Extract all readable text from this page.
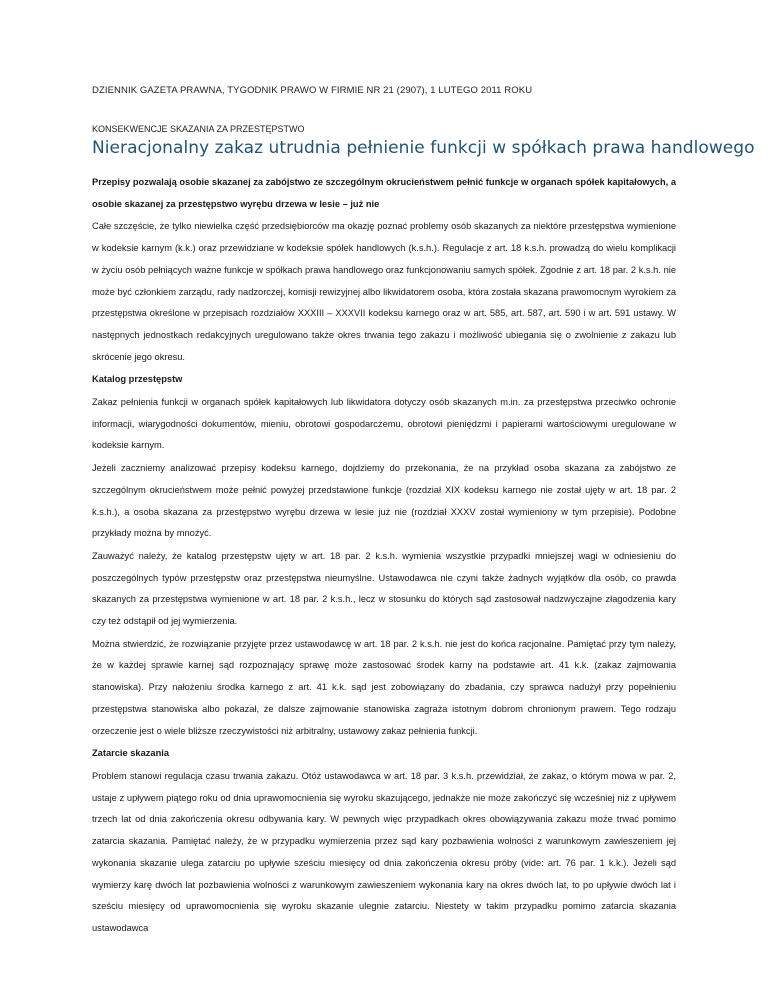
DZIENNIK GAZETA PRAWNA, TYGODNIK PRAWO W FIRMIE NR 21 (2907), 1 LUTEGO 2011 ROKU
KONSEKWENCJE SKAZANIA ZA PRZESTĘPSTWO
Nieracjonalny zakaz utrudnia pełnienie funkcji w spółkach prawa handlowego

Przepisy pozwalają osobie skazanej za zabójstwo ze szczególnym okrucieństwem pełnić funkcje w organach spółek kapitałowych, a osobie skazanej za przestępstwo wyrębu drzewa w lesie – już nie

Całe szczęście, że tylko niewielka część przedsiębiorców ma okazję poznać problemy osób skazanych za niektóre przestępstwa wymienione w kodeksie karnym (k.k.) oraz przewidziane w kodeksie spółek handlowych (k.s.h.). Regulacje z art. 18 k.s.h. prowadzą do wielu komplikacji w życiu osób pełniących ważne funkcje w spółkach prawa handlowego oraz funkcjonowaniu samych spółek. Zgodnie z art. 18 par. 2 k.s.h. nie może być członkiem zarządu, rady nadzorczej, komisji rewizyjnej albo likwidatorem osoba, która została skazana prawomocnym wyrokiem za przestępstwa określone w przepisach rozdziałów XXXIII – XXXVII kodeksu karnego oraz w art. 585, art. 587, art. 590 i w art. 591 ustawy. W następnych jednostkach redakcyjnych uregulowano także okres trwania tego zakazu i możliwość ubiegania się o zwolnienie z zakazu lub skrócenie jego okresu.

Katalog przestępstw

Zakaz pełnienia funkcji w organach spółek kapitałowych lub likwidatora dotyczy osób skazanych m.in. za przestępstwa przeciwko ochronie informacji, wiarygodności dokumentów, mieniu, obrotowi gospodarczemu, obrotowi pieniędzmi i papierami wartościowymi uregulowane w kodeksie karnym.

Jeżeli zaczniemy analizować przepisy kodeksu karnego, dojdziemy do przekonania, że na przykład osoba skazana za zabójstwo ze szczególnym okrucieństwem może pełnić powyżej przedstawione funkcje (rozdział XIX kodeksu karnego nie został ujęty w art. 18 par. 2 k.s.h.), a osoba skazana za przestępstwo wyrębu drzewa w lesie już nie (rozdział XXXV został wymieniony w tym przepisie). Podobne przykłady można by mnożyć.

Zauważyć należy, że katalog przestępstw ujęty w art. 18 par. 2 k.s.h. wymienia wszystkie przypadki mniejszej wagi w odniesieniu do poszczególnych typów przestępstw oraz przestępstwa nieumyślne. Ustawodawca nie czyni także żadnych wyjątków dla osób, co prawda skazanych za przestępstwa wymienione w art. 18 par. 2 k.s.h., lecz w stosunku do których sąd zastosował nadzwyczajne złagodzenia kary czy też odstąpił od jej wymierzenia.

Można stwierdzić, że rozwiązanie przyjęte przez ustawodawcę w art. 18 par. 2 k.s.h. nie jest do końca racjonalne. Pamiętać przy tym należy, że w każdej sprawie karnej sąd rozpoznający sprawę może zastosować środek karny na podstawie art. 41 k.k. (zakaz zajmowania stanowiska). Przy nałożeniu środka karnego z art. 41 k.k. sąd jest zobowiązany do zbadania, czy sprawca nadużył przy popełnieniu przestępstwa stanowiska albo pokazał, że dalsze zajmowanie stanowiska zagraża istotnym dobrom chronionym prawem. Tego rodzaju orzeczenie jest o wiele bliższe rzeczywistości niż arbitralny, ustawowy zakaz pełnienia funkcji.

Zatarcie skazania

Problem stanowi regulacja czasu trwania zakazu. Otóż ustawodawca w art. 18 par. 3 k.s.h. przewidział, że zakaz, o którym mowa w par. 2, ustaje z upływem piątego roku od dnia uprawomocnienia się wyroku skazującego, jednakże nie może zakończyć się wcześniej niż z upływem trzech lat od dnia zakończenia okresu odbywania kary. W pewnych więc przypadkach okres obowiązywania zakazu może trwać pomimo zatarcia skazania. Pamiętać należy, że w przypadku wymierzenia przez sąd kary pozbawienia wolności z warunkowym zawieszeniem jej wykonania skazanie ulega zatarciu po upływie sześciu miesięcy od dnia zakończenia okresu próby (vide: art. 76 par. 1 k.k.). Jeżeli sąd wymierzy karę dwóch lat pozbawienia wolności z warunkowym zawieszeniem wykonania kary na okres dwóch lat, to po upływie dwóch lat i sześciu miesięcy od uprawomocnienia się wyroku skazanie ulegnie zatarciu. Niestety w takim przypadku pomimo zatarcia skazania ustawodawca
